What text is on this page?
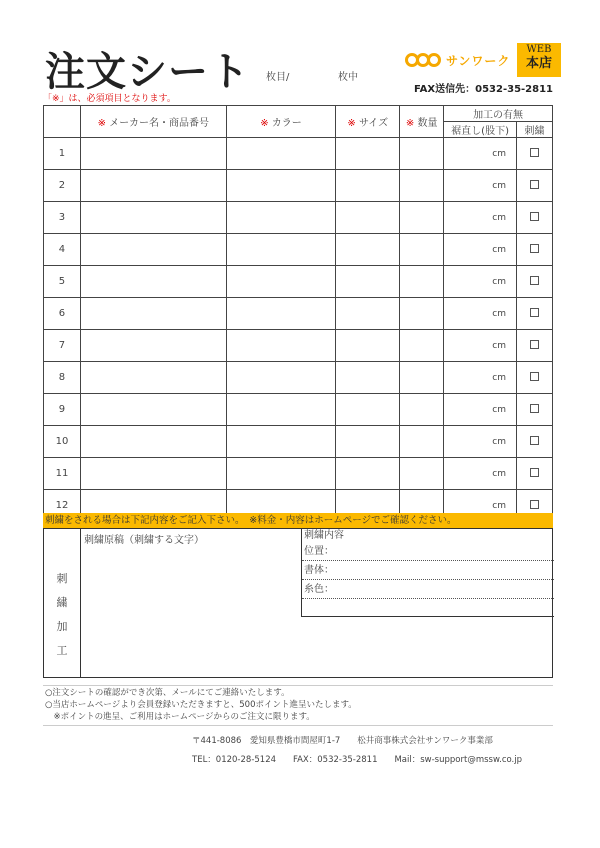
注文シート 枚目/	枚中
「※」は、必須項目となります。
サンワーク
WEB
本店
FAX送信先：0532-35-2811
	※ メーカー名・商品番号	※ カラー	※ サイズ	※ 数量	加工の有無	
					裾直し(股下)	刺繍
1					cm	
2					cm	
3					cm	
4					cm	
5					cm	
6					cm	
7					cm	
8					cm	
9					cm	
10					cm	
11					cm	
12					cm	
刺繍をされる場合は下記内容をご記入下さい。　※料金・内容はホームページでご確認ください。
刺
繍
加
工
刺繍原稿（刺繍する文字）	刺繍内容
位置：
書体：
糸色：
○注文シートの確認ができ次第、メールにてご連絡いたします。
○当店ホームページより会員登録いただきますと、500ポイント進呈いたします。
　※ポイントの進呈、ご利用はホームページからのご注文に限ります。
〒441-8086　愛知県豊橋市間屋町1-7　　松井商事株式会社サンワーク事業部
TEL：0120-28-5124　　FAX：0532-35-2811　　Mail：sw-support@mssw.co.jp
